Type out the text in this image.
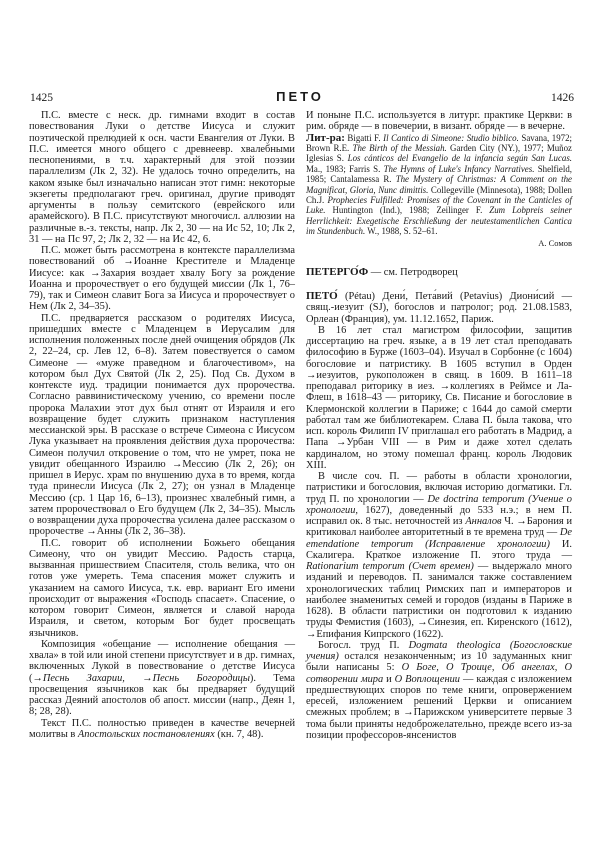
1425	ПЕТО	1426

П.С. вместе с неск. др. гимнами входит в состав повествования Луки о детстве Иисуса и служит поэтической прелюдией к осн. части Евангелия от Луки. В П.С. имеется много общего с древнеевр. хвалебными песнопениями, в т.ч. характерный для этой поэзии параллелизм (Лк 2, 32). Не удалось точно определить, на каком языке был изначально написан этот гимн: некоторые экзегеты предполагают греч. оригинал, другие приводят аргументы в пользу семитского (еврейского или арамейского). В П.С. присутствуют многочисл. аллюзии на различные в.-з. тексты, напр. Лк 2, 30 — на Ис 52, 10; Лк 2, 31 — на Пс 97, 2; Лк 2, 32 — на Ис 42, 6.

П.С. может быть рассмотрена в контексте параллелизма повествований об →Иоанне Крестителе и Младенце Иисусе: как →Захария воздает хвалу Богу за рождение Иоанна и пророчествует о его будущей миссии (Лк 1, 76–79), так и Симеон славит Бога за Иисуса и пророчествует о Нем (Лк 2, 34–35).

П.С. предваряется рассказом о родителях Иисуса, пришедших вместе с Младенцем в Иерусалим для исполнения положенных после дней очищения обрядов (Лк 2, 22–24, ср. Лев 12, 6–8). Затем повествуется о самом Симеоне — «муже праведном и благочестивом», на котором был Дух Святой (Лк 2, 25). Под Св. Духом в контексте иуд. традиции понимается дух пророчества. Согласно раввинистическому учению, со времени после пророка Малахии этот дух был отнят от Израиля и его возвращение будет служить признаком наступления мессианской эры. В рассказе о встрече Симеона с Иисусом Лука указывает на проявления действия духа пророчества: Симеон получил откровение о том, что не умрет, пока не увидит обещанного Израилю →Мессию (Лк 2, 26); он пришел в Иерус. храм по внушению духа в то время, когда туда принесли Иисуса (Лк 2, 27); он узнал в Младенце Мессию (ср. 1 Цар 16, 6–13), произнес хвалебный гимн, а затем пророчествовал о Его будущем (Лк 2, 34–35). Мысль о возвращении духа пророчества усилена далее рассказом о пророчестве →Анны (Лк 2, 36–38).

П.С. говорит об исполнении Божьего обещания Симеону, что он увидит Мессию. Радость старца, вызванная пришествием Спасителя, столь велика, что он готов уже умереть. Тема спасения может служить и указанием на самого Иисуса, т.к. евр. вариант Его имени происходит от выражения «Господь спасает». Спасение, о котором говорит Симеон, является и славой народа Израиля, и светом, которым Бог будет просвещать язычников.

Композиция «обещание — исполнение обещания — хвала» в той или иной степени присутствует и в др. гимнах, включенных Лукой в повествование о детстве Иисуса (→Песнь Захарии, →Песнь Богородицы). Тема просвещения язычников как бы предваряет будущий рассказ Деяний апостолов об апост. миссии (напр., Деян 1, 8; 28, 28).

Текст П.С. полностью приведен в качестве вечерней молитвы в Апостольских постановлениях (кн. 7, 48).

И поныне П.С. используется в литург. практике Церкви: в рим. обряде — в повечерии, в визант. обряде — в вечерне.

Лит-ра: Bigatti F. Il Cantico di Simeone: Studio biblico. Savana, 1972; Brown R.E. The Birth of the Messiah. Garden City (NY.), 1977; Muñoz Iglesias S. Los cánticos del Evangelio de la infancia según San Lucas. Ma., 1983; Farris S. The Hymns of Luke's Infancy Narratives. Shelfield, 1985; Cantalamessa R. The Mystery of Christmas: A Comment on the Magnificat, Gloria, Nunc dimittis. Collegeville (Minnesota), 1988; Dollen Ch.J. Prophecies Fulfilled: Promises of the Covenant in the Canticles of Luke. Huntington (Ind.), 1988; Zeilinger F. Zum Lobpreis seiner Herrlichkeit: Exegetische Erschließung der neutestamentlichen Cantica im Stundenbuch. W., 1988, S. 52–61.

А. Сомов

ПЕТЕРГО́Ф — см. Петродворец

ПЕТО́ (Pétau) Дени́, Пета́вий (Petavius) Диони́сий — свящ.-иезуит (SJ), богослов и патролог; род. 21.08.1583, Орлеан (Франция), ум. 11.12.1652, Париж.

В 16 лет стал магистром философии, защитив диссертацию на греч. языке, а в 19 лет стал преподавать философию в Бурже (1603–04). Изучал в Сорбонне (с 1604) богословие и патристику. В 1605 вступил в Орден →иезуитов, рукоположен в свящ. в 1609. В 1611–18 преподавал риторику в иез. →коллегиях в Реймсе и Ла-Флеш, в 1618–43 — риторику, Св. Писание и богословие в Клермонской коллегии в Париже; с 1644 до самой смерти работал там же библиотекарем. Слава П. была такова, что исп. король Филипп IV приглашал его работать в Мадрид, а Папа →Урбан VIII — в Рим и даже хотел сделать кардиналом, но этому помешал франц. король Людовик XIII.

В числе соч. П. — работы в области хронологии, патристики и богословия, включая историю догматики. Гл. труд П. по хронологии — De doctrina temporum (Учение о хронологии, 1627), доведенный до 533 н.э.; в нем П. исправил ок. 8 тыс. неточностей из Анналов Ч. →Барония и критиковал наиболее авторитетный в те времена труд — De emendatione temporum (Исправление хронологии) И. Скалигера. Краткое изложение П. этого труда — Rationarium temporum (Счет времен) — выдержало много изданий и переводов. П. занимался также составлением хронологических таблиц Римских пап и императоров и наиболее знаменитых семей и городов (изданы в Париже в 1628). В области патристики он подготовил к изданию труды Фемистия (1603), →Синезия, еп. Киренского (1612), →Епифания Кипрского (1622).

Богосл. труд П. Dogmata theologica (Богословские учения) остался незаконченным; из 10 задуманных книг были написаны 5: О Боге, О Троице, Об ангелах, О сотворении мира и О Воплощении — каждая с изложением предшествующих споров по теме книги, опровержением ересей, изложением решений Церкви и описанием смежных проблем; в →Парижском университете первые 3 тома были приняты недоброжелательно, прежде всего из-за позиции профессоров-янсенистов
